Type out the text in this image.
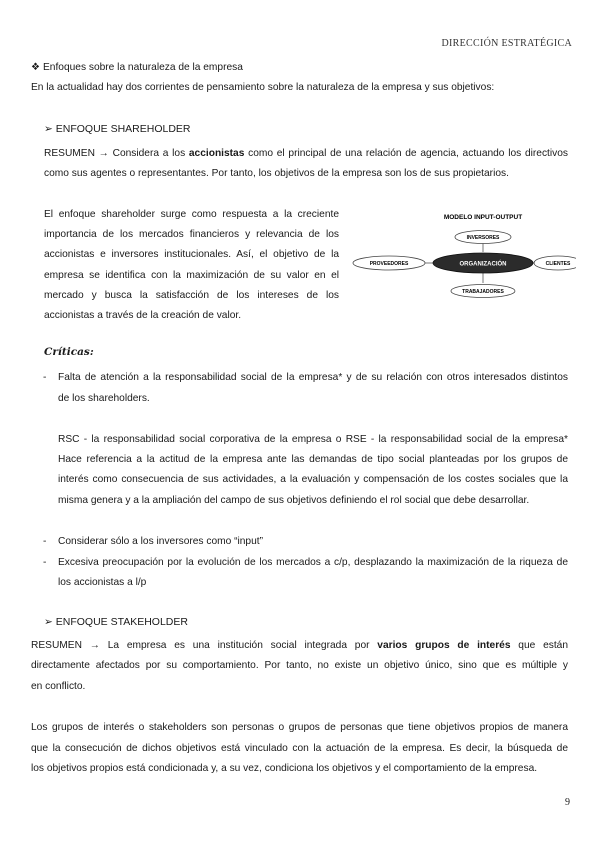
DIRECCIÓN ESTRATÉGICA
❖ Enfoques sobre la naturaleza de la empresa
En la actualidad hay dos corrientes de pensamiento sobre la naturaleza de la empresa y sus objetivos:
➢ ENFOQUE SHAREHOLDER
RESUMEN → Considera a los accionistas como el principal de una relación de agencia, actuando los directivos
como sus agentes o representantes. Por tanto, los objetivos de la empresa son los de sus propietarios.
El enfoque shareholder surge como respuesta a la creciente
importancia de los mercados financieros y relevancia de los
accionistas e inversores institucionales. Así, el objetivo de la
empresa se identifica con la maximización de su valor en el
mercado y busca la satisfacción de los intereses de los
accionistas a través de la creación de valor.
MODELO INPUT-OUTPUT
INVERSORES
PROVEEDORES	ORGANIZACIÓN	CLIENTES
TRABAJADORES
Críticas:
- Falta de atención a la responsabilidad social de la empresa* y de su relación con otros interesados distintos
de los shareholders.
RSC - la responsabilidad social corporativa de la empresa o RSE - la responsabilidad social de la empresa*
Hace referencia a la actitud de la empresa ante las demandas de tipo social planteadas por los grupos de
interés como consecuencia de sus actividades, a la evaluación y compensación de los costes sociales que la
misma genera y a la ampliación del campo de sus objetivos definiendo el rol social que debe desarrollar.
- Considerar sólo a los inversores como “input”
- Excesiva preocupación por la evolución de los mercados a c/p, desplazando la maximización de la riqueza de
los accionistas a l/p
➢ ENFOQUE STAKEHOLDER
RESUMEN → La empresa es una institución social integrada por varios grupos de interés que están
directamente afectados por su comportamiento. Por tanto, no existe un objetivo único, sino que es múltiple y
en conflicto.
Los grupos de interés o stakeholders son personas o grupos de personas que tiene objetivos propios de manera
que la consecución de dichos objetivos está vinculado con la actuación de la empresa. Es decir, la búsqueda de
los objetivos propios está condicionada y, a su vez, condiciona los objetivos y el comportamiento de la empresa.
9
